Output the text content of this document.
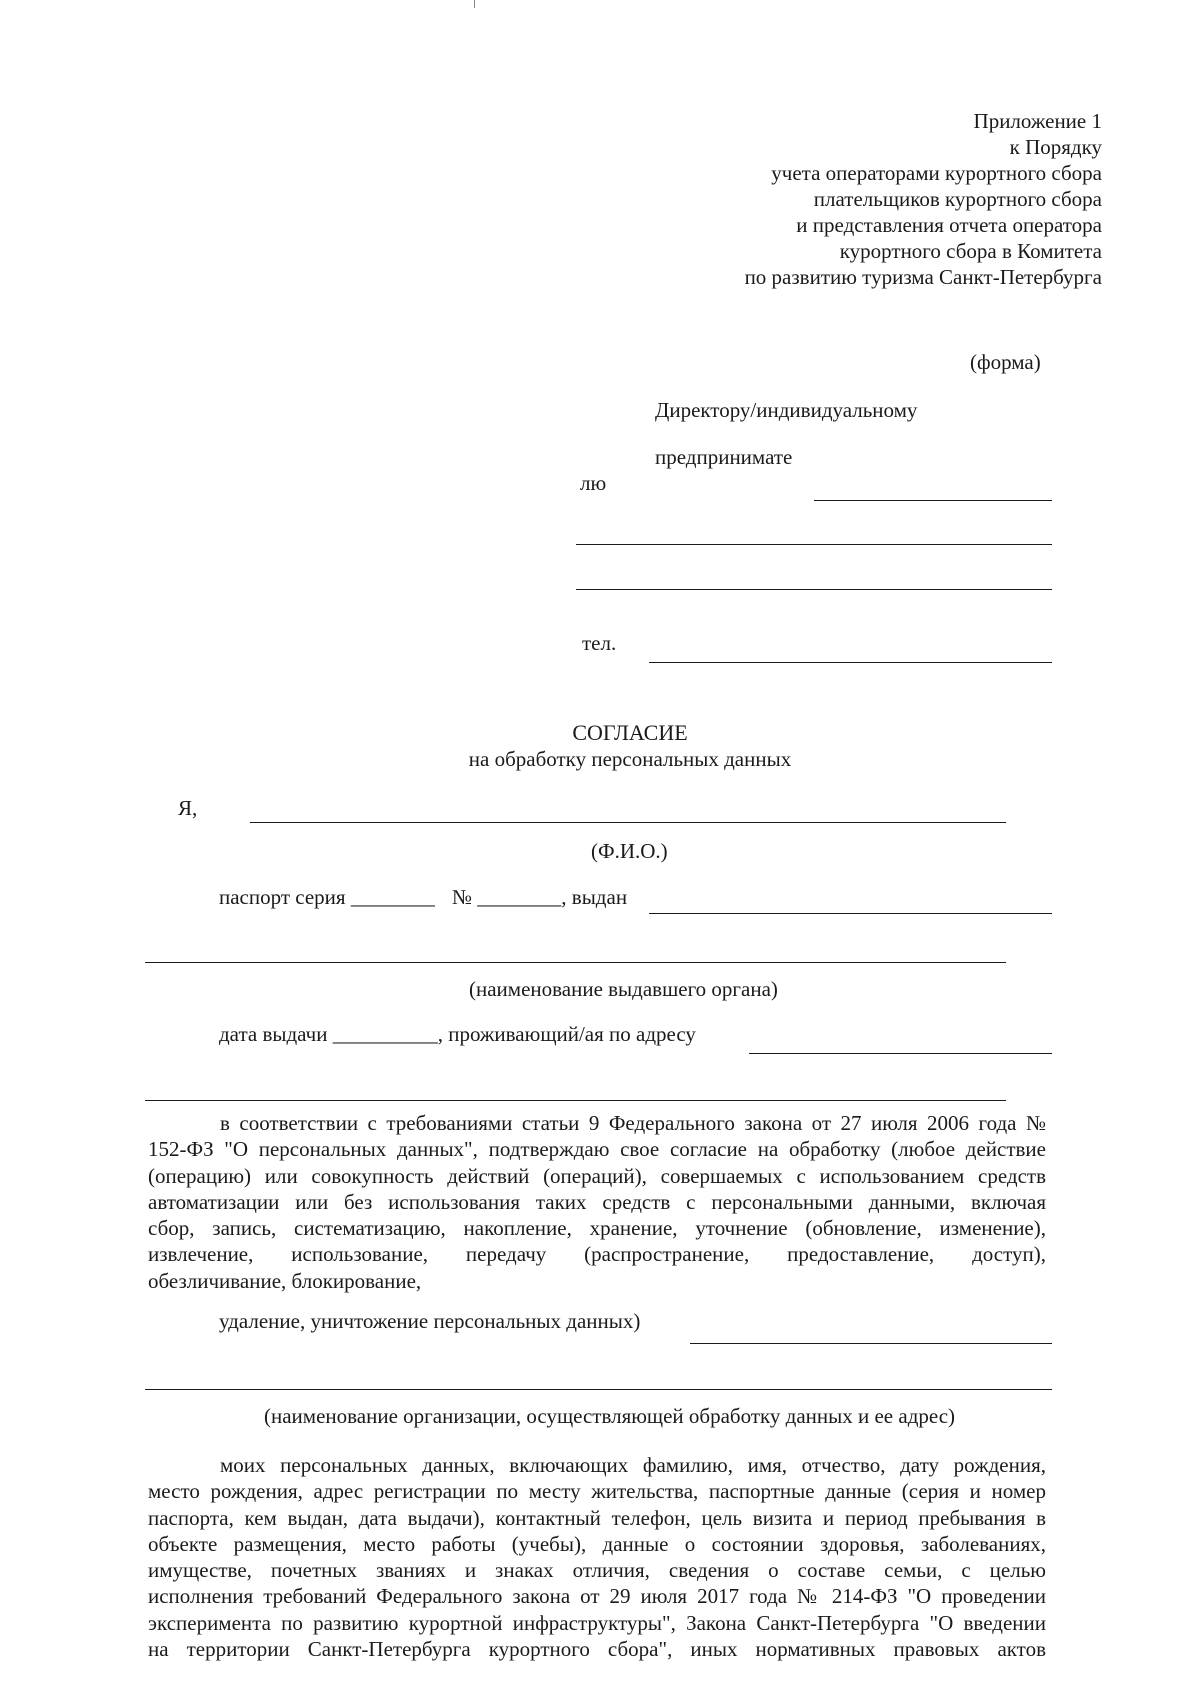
Приложение 1
к Порядку
учета операторами курортного сбора
плательщиков курортного сбора
и представления отчета оператора
курортного сбора в Комитета
по развитию туризма Санкт-Петербурга
(форма)
Директору/индивидуальному
предпринимате
лю
тел.
СОГЛАСИЕ
на обработку персональных данных
Я,
(Ф.И.О.)
паспорт серия ________ № ________, выдан
(наименование выдавшего органа)
дата выдачи __________, проживающий/ая по адресу
в соответствии с требованиями статьи 9 Федерального закона от 27 июля 2006 года №
152-ФЗ "О персональных данных", подтверждаю свое согласие на обработку (любое действие
(операцию) или совокупность действий (операций), совершаемых с использованием средств
автоматизации или без использования таких средств с персональными данными, включая
сбор, запись, систематизацию, накопление, хранение, уточнение (обновление, изменение),
извлечение, использование, передачу (распространение, предоставление, доступ),
обезличивание, блокирование,
удаление, уничтожение персональных данных)
(наименование организации, осуществляющей обработку данных и ее адрес)
моих персональных данных, включающих фамилию, имя, отчество, дату рождения,
место рождения, адрес регистрации по месту жительства, паспортные данные (серия и номер
паспорта, кем выдан, дата выдачи), контактный телефон, цель визита и период пребывания в
объекте размещения, место работы (учебы), данные о состоянии здоровья, заболеваниях,
имуществе, почетных званиях и знаках отличия, сведения о составе семьи, с целью
исполнения требований Федерального закона от 29 июля 2017 года № 214-ФЗ "О проведении
эксперимента по развитию курортной инфраструктуры", Закона Санкт-Петербурга "О введении
на территории Санкт-Петербурга курортного сбора", иных нормативных правовых актов
